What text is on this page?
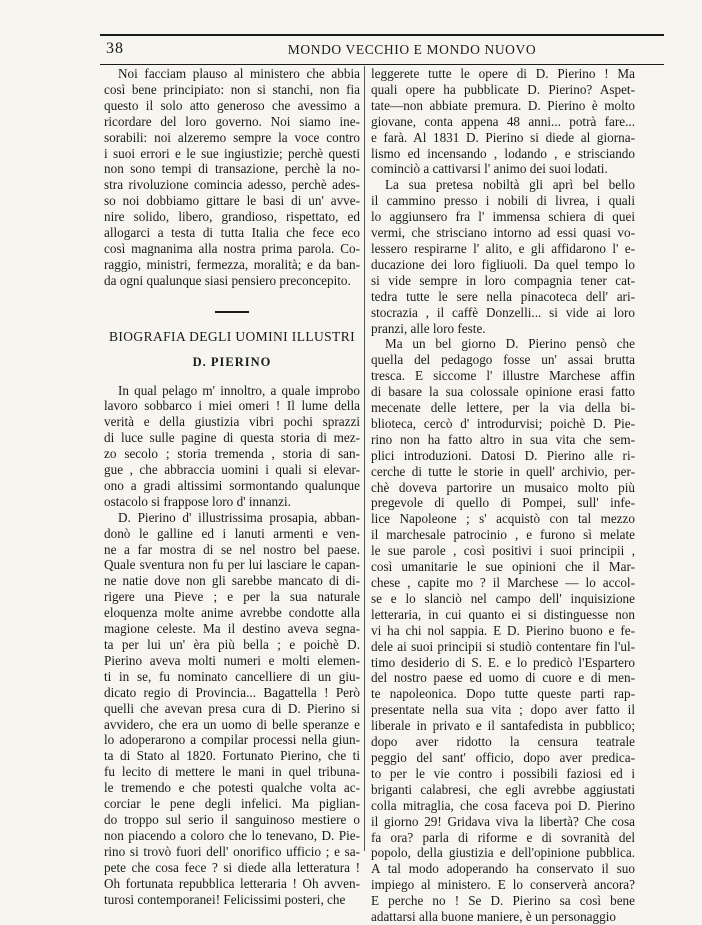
38	MONDO VECCHIO E MONDO NUOVO
Noi facciam plauso al ministero che abbia
così bene principiato: non si stanchi, non fia
questo il solo atto generoso che avessimo a
ricordare del loro governo. Noi siamo ine-
sorabili: noi alzeremo sempre la voce contro
i suoi errori e le sue ingiustizie; perchè questi
non sono tempi di transazione, perchè la no-
stra rivoluzione comincia adesso, perchè ades-
so noi dobbiamo gittare le basi di un' avve-
nire solido, libero, grandioso, rispettato, ed
allogarci a testa di tutta Italia che fece eco
così magnanima alla nostra prima parola. Co-
raggio, ministri, fermezza, moralità; e da ban-
da ogni qualunque siasi pensiero preconcepito.
BIOGRAFIA DEGLI UOMINI ILLUSTRI
D. PIERINO
In qual pelago m' innoltro, a quale improbo
lavoro sobbarco i miei omeri ! Il lume della
verità e della giustizia vibri pochi sprazzi
di luce sulle pagine di questa storia di mez-
zo secolo ; storia tremenda , storia di san-
gue , che abbraccia uomini i quali si elevar-
ono a gradi altissimi sormontando qualunque
ostacolo si frappose loro d' innanzi.
D. Pierino d' illustrissima prosapia, abban-
donò le galline ed i lanuti armenti e ven-
ne a far mostra di se nel nostro bel paese.
Quale sventura non fu per lui lasciare le capan-
ne natie dove non gli sarebbe mancato di di-
rigere una Pieve ; e per la sua naturale
eloquenza molte anime avrebbe condotte alla
magione celeste. Ma il destino aveva segna-
ta per lui un' èra più bella ; e poichè D.
Pierino aveva molti numeri e molti elemen-
ti in se, fu nominato cancelliere di un giu-
dicato regio di Provincia... Bagattella ! Però
quelli che avevan presa cura di D. Pierino si
avvidero, che era un uomo di belle speranze e
lo adoperarono a compilar processi nella giun-
ta di Stato al 1820. Fortunato Pierino, che ti
fu lecito di mettere le mani in quel tribuna-
le tremendo e che potesti qualche volta ac-
corciar le pene degli infelici. Ma piglian-
do troppo sul serio il sanguinoso mestiere o
non piacendo a coloro che lo tenevano, D. Pie-
rino si trovò fuori dell' onorifico ufficio ; e sa-
pete che cosa fece ? si diede alla letteratura !
Oh fortunata repubblica letteraria ! Oh avven-
turosi contemporanei! Felicissimi posteri, che
leggerete tutte le opere di D. Pierino ! Ma
quali opere ha pubblicate D. Pierino? Aspet-
tate—non abbiate premura. D. Pierino è molto
giovane, conta appena 48 anni... potrà fare...
e farà. Al 1831 D. Pierino si diede al giorna-
lismo ed incensando , lodando , e strisciando
cominciò a cattivarsi l' animo dei suoi lodati.
La sua pretesa nobiltà gli aprì bel bello
il cammino presso i nobili di livrea, i quali
lo aggiunsero fra l' immensa schiera di quei
vermi, che strisciano intorno ad essi quasi vo-
lessero respirarne l' alito, e gli affidarono l' e-
ducazione dei loro figliuoli. Da quel tempo lo
si vide sempre in loro compagnia tener cat-
tedra tutte le sere nella pinacoteca dell' ari-
stocrazia , il caffè Donzelli... si vide ai loro
pranzi, alle loro feste.
Ma un bel giorno D. Pierino pensò che
quella del pedagogo fosse un' assai brutta
tresca. E siccome l' illustre Marchese affin
di basare la sua colossale opinione erasi fatto
mecenate delle lettere, per la via della bi-
blioteca, cercò d' introdurvisi; poichè D. Pie-
rino non ha fatto altro in sua vita che sem-
plici introduzioni. Datosi D. Pierino alle ri-
cerche di tutte le storie in quell' archivio, per-
chè doveva partorire un musaico molto più
pregevole di quello di Pompei, sull' infe-
lice Napoleone ; s' acquistò con tal mezzo
il marchesale patrocinio , e furono sì melate
le sue parole , così positivi i suoi principii ,
così umanitarie le sue opinioni che il Mar-
chese , capite mo ? il Marchese — lo accol-
se e lo slanciò nel campo dell' inquisizione
letteraria, in cui quanto ei si distinguesse non
vi ha chi nol sappia. E D. Pierino buono e fe-
dele ai suoi principii si studiò contentare fin l'ul-
timo desiderio di S. E. e lo predicò l'Espartero
del nostro paese ed uomo di cuore e di men-
te napoleonica. Dopo tutte queste parti rap-
presentate nella sua vita ; dopo aver fatto il
liberale in privato e il santafedista in pubblico;
dopo aver ridotto la censura teatrale
peggio del sant' officio, dopo aver predica-
to per le vie contro i possibili faziosi ed i
briganti calabresi, che egli avrebbe aggiustati
colla mitraglia, che cosa faceva poi D. Pierino
il giorno 29! Gridava viva la libertà? Che cosa
fa ora? parla di riforme e di sovranità del
popolo, della giustizia e dell'opinione pubblica.
A tal modo adoperando ha conservato il suo
impiego al ministero. E lo conserverà ancora?
E perche no ! Se D. Pierino sa così bene
adattarsi alla buone maniere, è un personaggio
